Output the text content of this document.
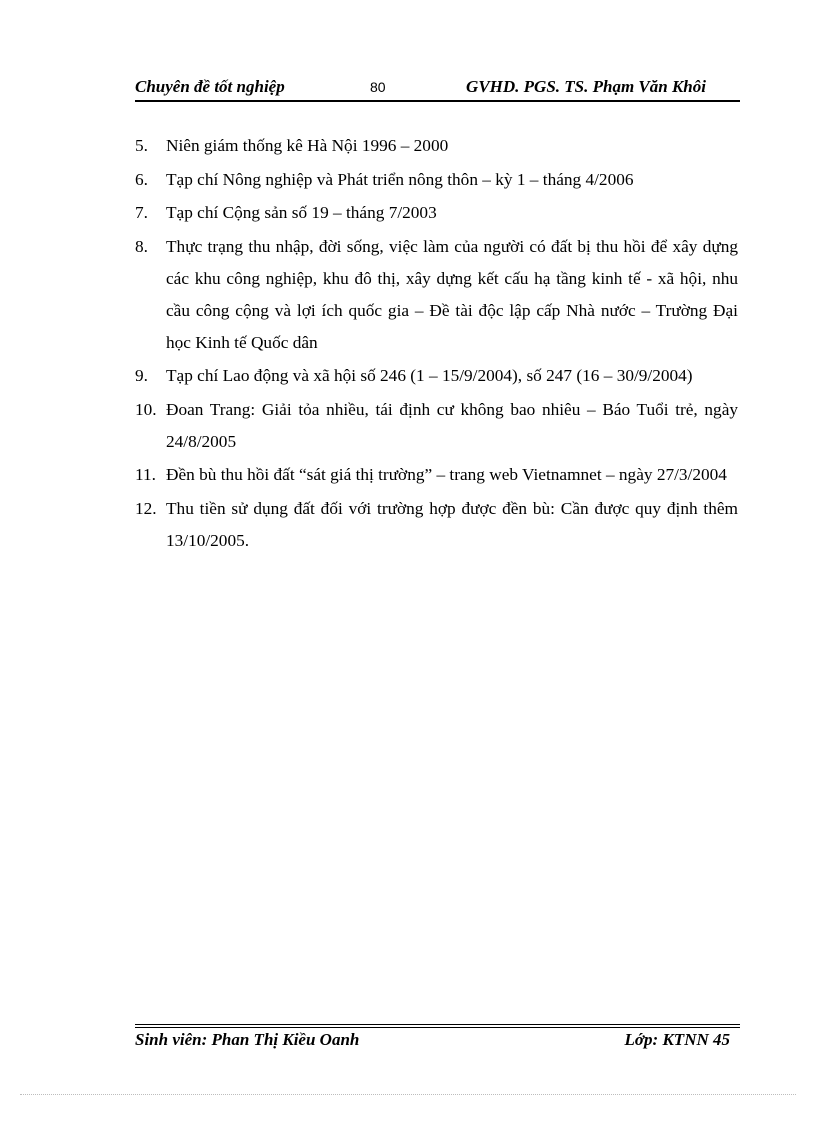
Chuyên đề tốt nghiệp	80	GVHD. PGS. TS. Phạm Văn Khôi
5. Niên giám thống kê Hà Nội 1996 – 2000
6. Tạp chí Nông nghiệp và Phát triển nông thôn – kỳ 1 – tháng 4/2006
7. Tạp chí Cộng sản số 19 – tháng 7/2003
8. Thực trạng thu nhập, đời sống, việc làm của người có đất bị thu hồi để xây dựng các khu công nghiệp, khu đô thị, xây dựng kết cấu hạ tầng kinh tế - xã hội, nhu cầu công cộng và lợi ích quốc gia – Đề tài độc lập cấp Nhà nước – Trường Đại học Kinh tế Quốc dân
9. Tạp chí Lao động và xã hội số 246 (1 – 15/9/2004), số 247 (16 – 30/9/2004)
10. Đoan Trang: Giải tỏa nhiều, tái định cư không bao nhiêu – Báo Tuổi trẻ, ngày 24/8/2005
11. Đền bù thu hồi đất “sát giá thị trường” – trang web Vietnamnet – ngày 27/3/2004
12. Thu tiền sử dụng đất đối với trường hợp được đền bù: Cần được quy định thêm 13/10/2005.
Sinh viên: Phan Thị Kiều Oanh	Lớp: KTNN 45
